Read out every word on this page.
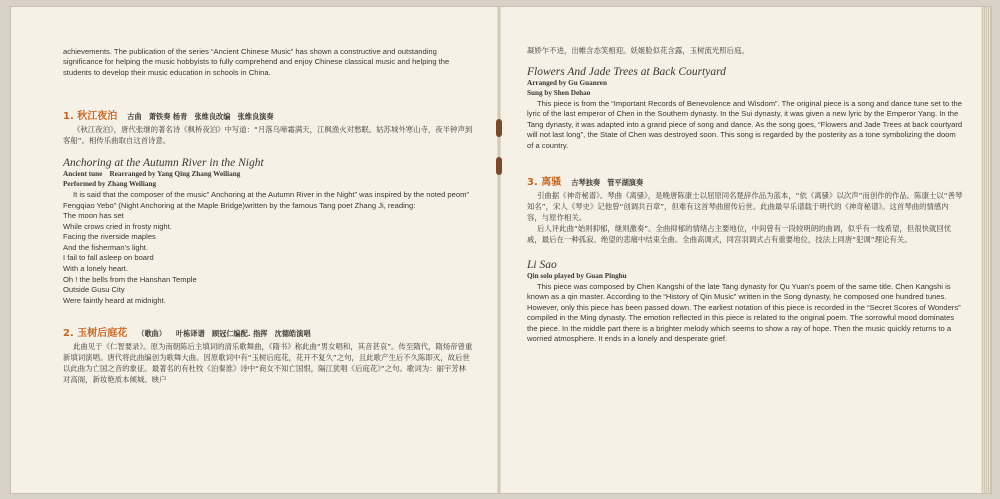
achievements. The publication of the series “Ancient Chinese Music” has shown a constructive and outstanding significance for helping the music hobbyists to fully comprehend and enjoy Chinese classical music and helping the students to develop their music education in schools in China.

1. 秋江夜泊 古曲　萧铁奏 杨青　张维良改编　张维良演奏

《秋江夜泊》，唐代张继的著名诗《枫桥夜泊》中写道：“月落乌啼霜满天，江枫渔火对愁眠。姑苏城外寒山寺，夜半钟声到客船”。相传乐曲取自这首诗意。

Anchoring at the Autumn River in the Night

Ancient tune　Rearranged by Yang Qing Zhang Weiliang

Performed by Zhang Weiliang

It is said that the composer of the music” Anchoring at the Autumn River in the Night” was inspired by the noted peom” Fengqiao Yebo” (Night Anchoring at the Maple Bridge)written by the famous Tang poet Zhang Ji, reading:

The moon has set
While crows cried in frosty night.
Facing the riverside maples
And the fisherman's light.
I fail to fall asleep on board
With a lonely heart.
Oh ! the bells from the Hanshan Temple
Outside Gusu City
Were faintly heard at midnight.
2. 玉树后庭花 （歌曲） 叶栋译谱　顾冠仁编配. 指挥　沈德皓演唱

此曲见于《仁智要录》。原为南朝陈后主填词的清乐歌舞曲，《隋书》称此曲“男女唱和，其音甚哀”。传至隋代，隋炀帝曾重新填词演唱。唐代将此曲编创为歌舞大曲。因原歌词中有“玉树后庭花，花开不复久”之句，且此歌产生后不久陈即灭，故后世以此曲为亡国之音的象征。最著名的有杜牧《泊秦淮》诗中“商女不知亡国恨，隔江犹唱《后庭花》”之句。歌词为：丽宇芳林对高阁，新妆艳质本倾城。映户

凝娇乍不进，出帷含态笑相迎。妖姬脸似花含露，玉树流光照后庭。

Flowers And Jade Trees at Back Courtyard

Arranged by Gu Guanren

Sung by Shen Dehao

This piece is from the “Important Records of Benevolence and Wisdom”. The original piece is a song and dance tune set to the lyric of the last emperor of Chen in the Southern dynasty. In the Sui dynasty, it was given a new lyric by the Emperor Yang. In the Tang dynasty, it was adapted into a grand piece of song and dance. As the song goes, “Flowers and Jade Trees at back courtyard will not last long”, the State of Chen was destroyed soon. This song is regarded by the posterity as a tone symbolizing the doom of a country.

3. 离骚 古琴独奏　管平湖演奏

引曲据《神奇秘谱》。琴曲《离骚》，是晚唐陈康士以屈原同名楚辞作品为蓝本，“依《离骚》以次声”而创作的作品。陈康士以“善琴知名”，宋人《琴史》记他曾“创调共百章”，但难有这首琴曲留传后世。此曲最早乐谱载于明代的《神奇秘谱》。这首琴曲的情感内容，与原作相关。

后人评此曲“始则抑郁，继则激奏”。全曲抑郁的情绪占主要地位，中间曾有一段较明朗的曲调，似乎有一线希望，但很快就回忧戚，最后在一种孤寂、绝望的悲痛中结束全曲。全曲高调式，同宫羽调式占有重要地位，技法上同唐“犯调”理论有关。

Li Sao

Qin solo played by Guan Pinghu

This piece was composed by Chen Kangshi of the late Tang dynasty for Qu Yuan's poem of the same title. Chen Kangshi is known as a qin master. According to the “History of Qin Music” written in the Song dynasty, he composed one hundred tunes. However, only this piece has been passed down. The earliest notation of this piece is recorded in the “Secret Scores of Wonders” compiled in the Ming dynasty. The emotion reflected in this piece is related to the original poem. The sorrowful mood dominates the piece. In the middle part there is a brighter melody which seems to show a ray of hope. Then the music quickly returns to a worried atmosphere. It ends in a lonely and desperate grief.
